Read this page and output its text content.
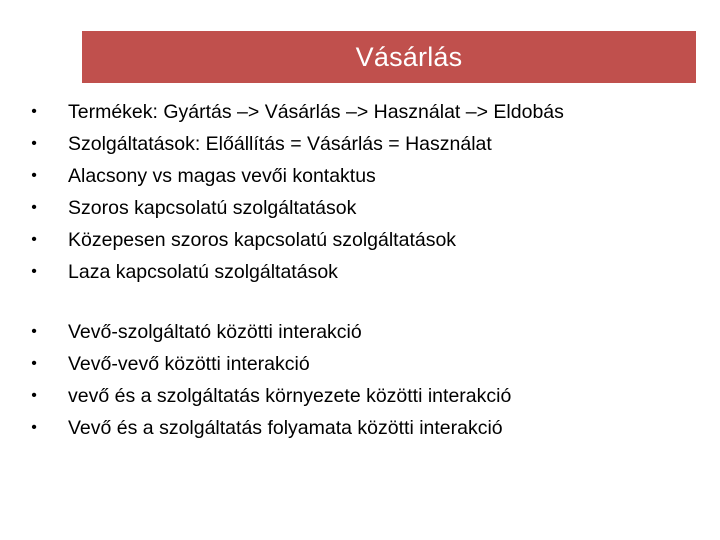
Vásárlás
• Termékek: Gyártás –> Vásárlás –> Használat –> Eldobás
• Szolgáltatások: Előállítás = Vásárlás = Használat
• Alacsony vs magas vevői kontaktus
• Szoros kapcsolatú szolgáltatások
• Közepesen szoros kapcsolatú szolgáltatások
• Laza kapcsolatú szolgáltatások
• Vevő-szolgáltató közötti interakció
• Vevő-vevő közötti interakció
• vevő és a szolgáltatás környezete közötti interakció
• Vevő és a szolgáltatás folyamata közötti interakció
